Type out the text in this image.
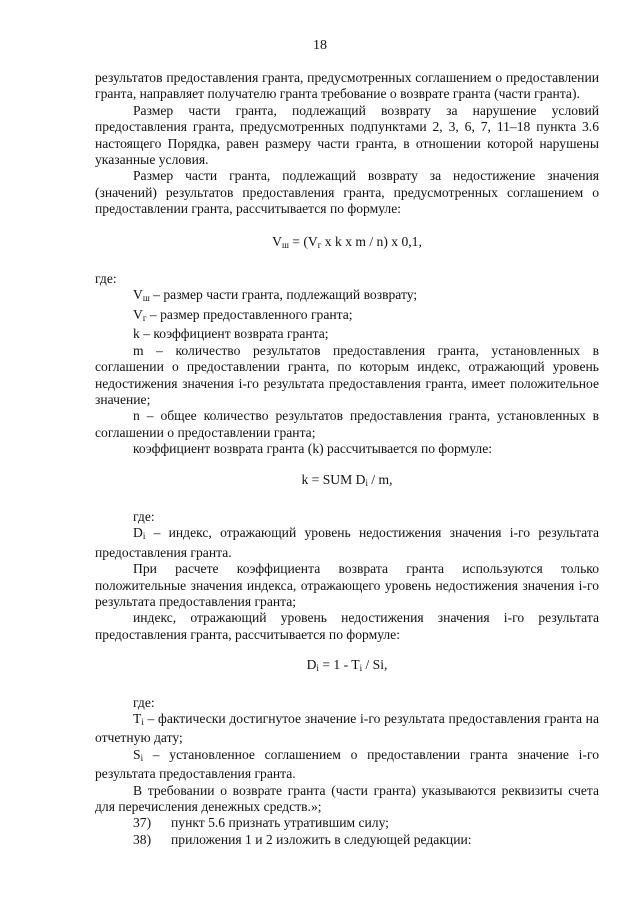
18

результатов предоставления гранта, предусмотренных соглашением о предоставлении гранта, направляет получателю гранта требование о возврате гранта (части гранта).

Размер части гранта, подлежащий возврату за нарушение условий предоставления гранта, предусмотренных подпунктами 2, 3, 6, 7, 11–18 пункта 3.6 настоящего Порядка, равен размеру части гранта, в отношении которой нарушены указанные условия.

Размер части гранта, подлежащий возврату за недостижение значения (значений) результатов предоставления гранта, предусмотренных соглашением о предоставлении гранта, рассчитывается по формуле:

$V_ш = (V_г$ x k x m / n) x 0,1,

где:

$V_ш$ – размер части гранта, подлежащий возврату;

$V_г$ – размер предоставленного гранта;

k – коэффициент возврата гранта;

m – количество результатов предоставления гранта, установленных в соглашении о предоставлении гранта, по которым индекс, отражающий уровень недостижения значения i-го результата предоставления гранта, имеет положительное значение;

n – общее количество результатов предоставления гранта, установленных в соглашении о предоставлении гранта;

коэффициент возврата гранта (k) рассчитывается по формуле:

k = SUM $D_i$ / m,

где:

$D_i$ – индекс, отражающий уровень недостижения значения i-го результата предоставления гранта.

При расчете коэффициента возврата гранта используются только положительные значения индекса, отражающего уровень недостижения значения i-го результата предоставления гранта;

индекс, отражающий уровень недостижения значения i-го результата предоставления гранта, рассчитывается по формуле:

$D_i = 1 - T_i / Si$,

где:

$T_i$ – фактически достигнутое значение i-го результата предоставления гранта на отчетную дату;

$S_i$ – установленное соглашением о предоставлении гранта значение i-го результата предоставления гранта.

В требовании о возврате гранта (части гранта) указываются реквизиты счета для перечисления денежных средств.»;

37)	пункт 5.6 признать утратившим силу;

38)	приложения 1 и 2 изложить в следующей редакции:
